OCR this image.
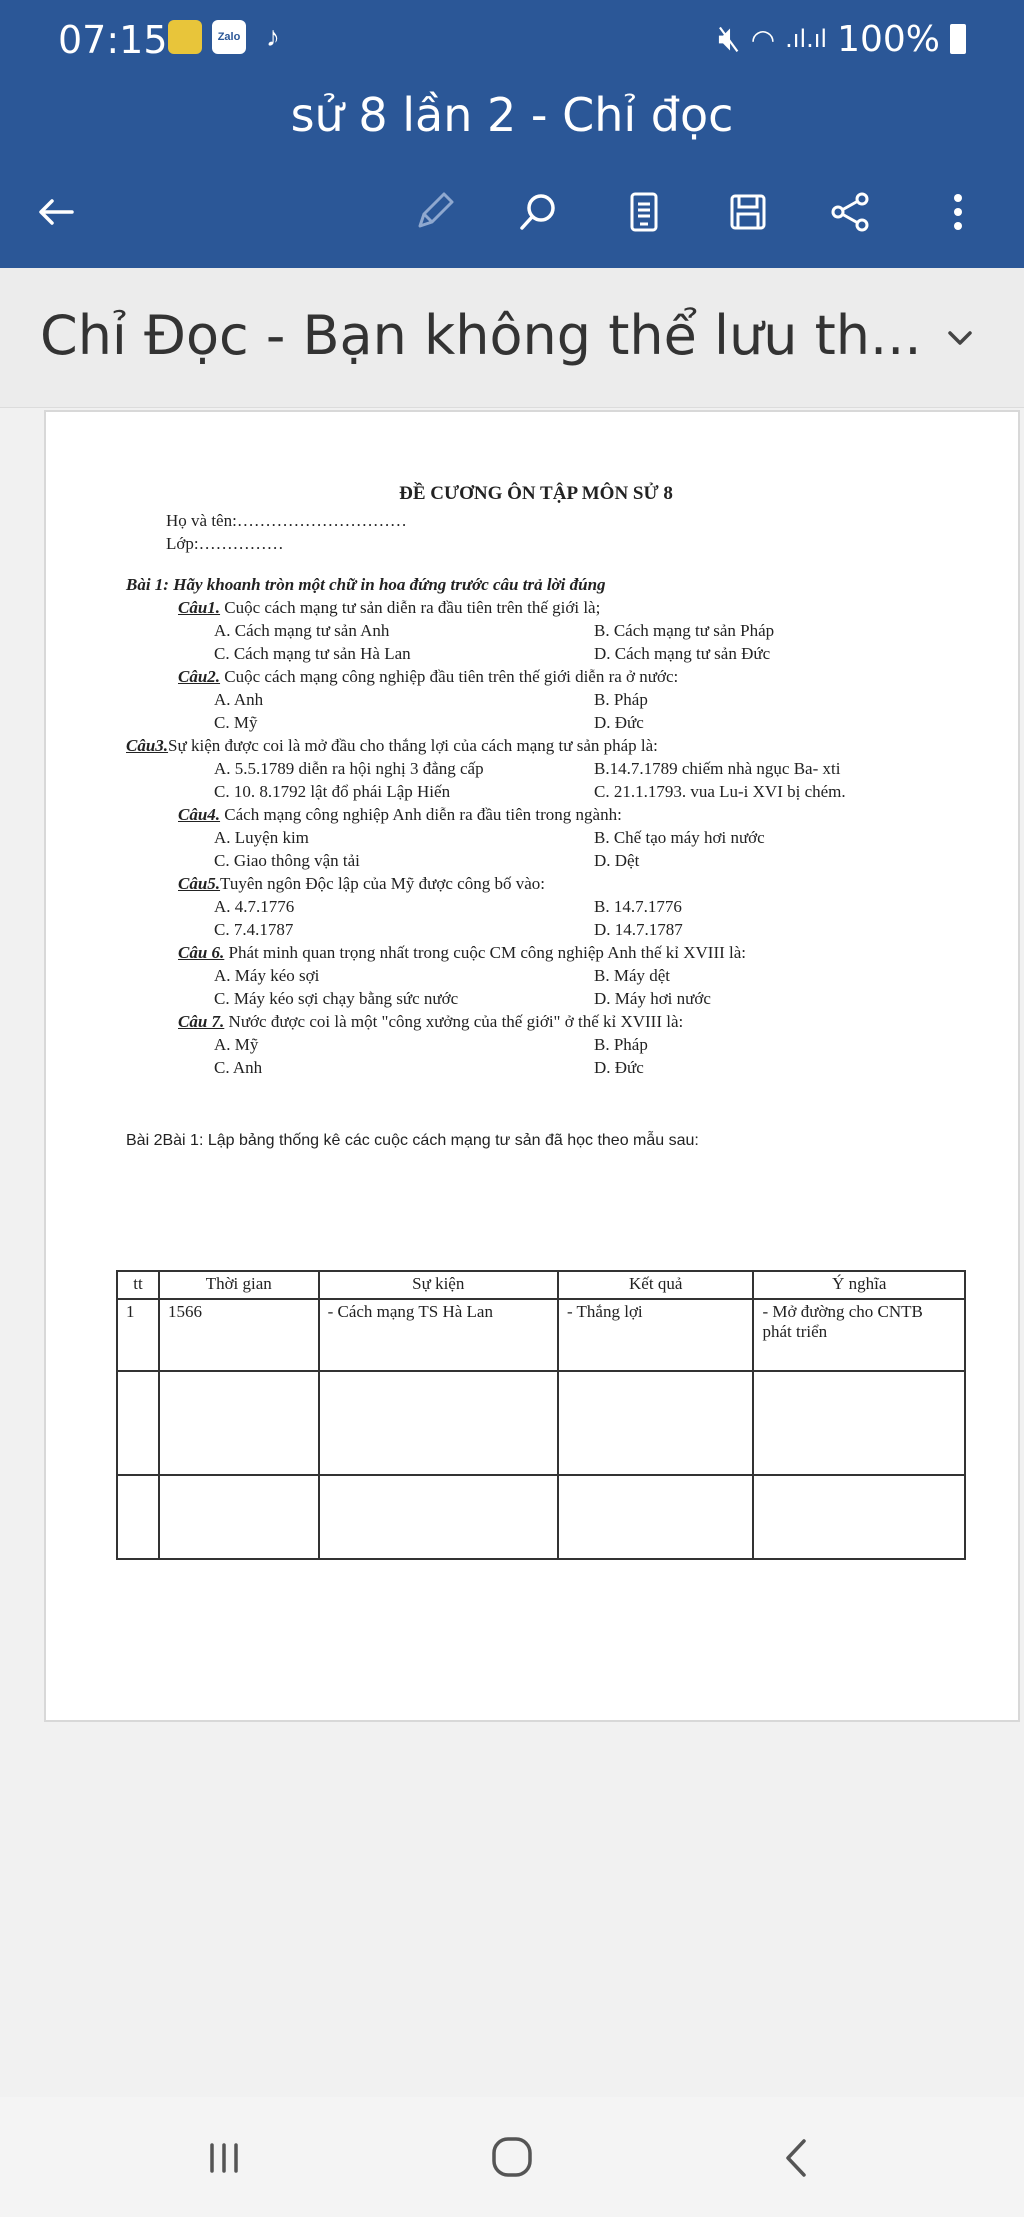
07:15	Zalo ♪	🔇︎ ◠ .ıl.ıl 100%
sử 8 lần 2 - Chỉ đọc
Chỉ Đọc - Bạn không thể lưu th...
ĐỀ CƯƠNG ÔN TẬP MÔN SỬ 8
Họ và tên:…………………………
Lớp:……………
Bài 1: Hãy khoanh tròn một chữ in hoa đứng trước câu trả lời đúng
Câu1. Cuộc cách mạng tư sản diễn ra đầu tiên trên thế giới là;
A. Cách mạng tư sản Anh	B. Cách mạng tư sản Pháp
C. Cách mạng tư sản Hà Lan	D. Cách mạng tư sản Đức
Câu2. Cuộc cách mạng công nghiệp đầu tiên trên thế giới diễn ra ở nước:
A. Anh	B. Pháp
C. Mỹ	D. Đức
Câu3.Sự kiện được coi là mở đầu cho thắng lợi của cách mạng tư sản pháp là:
A. 5.5.1789 diễn ra hội nghị 3 đẳng cấp	B.14.7.1789 chiếm nhà ngục Ba- xti
C. 10. 8.1792 lật đổ phái Lập Hiến	C. 21.1.1793. vua Lu-i XVI bị chém.
Câu4. Cách mạng công nghiệp Anh diễn ra đầu tiên trong ngành:
A. Luyện kim	B. Chế tạo máy hơi nước
C. Giao thông vận tải	D. Dệt
Câu5.Tuyên ngôn Độc lập của Mỹ được công bố vào:
A. 4.7.1776	B. 14.7.1776
C. 7.4.1787	D. 14.7.1787
Câu 6. Phát minh quan trọng nhất trong cuộc CM công nghiệp Anh thế kỉ XVIII là:
A. Máy kéo sợi	B. Máy dệt
C. Máy kéo sợi chạy bằng sức nước	D. Máy hơi nước
Câu 7. Nước được coi là một "công xưởng của thế giới" ở thế kỉ XVIII là:
A. Mỹ	B. Pháp
C. Anh	D. Đức
Bài 2Bài 1: Lập bảng thống kê các cuộc cách mạng tư sản đã học theo mẫu sau:
tt	Thời gian	Sự kiện	Kết quả	Ý nghĩa
1	1566	- Cách mạng TS Hà Lan	- Thắng lợi	- Mở đường cho CNTB phát triển
